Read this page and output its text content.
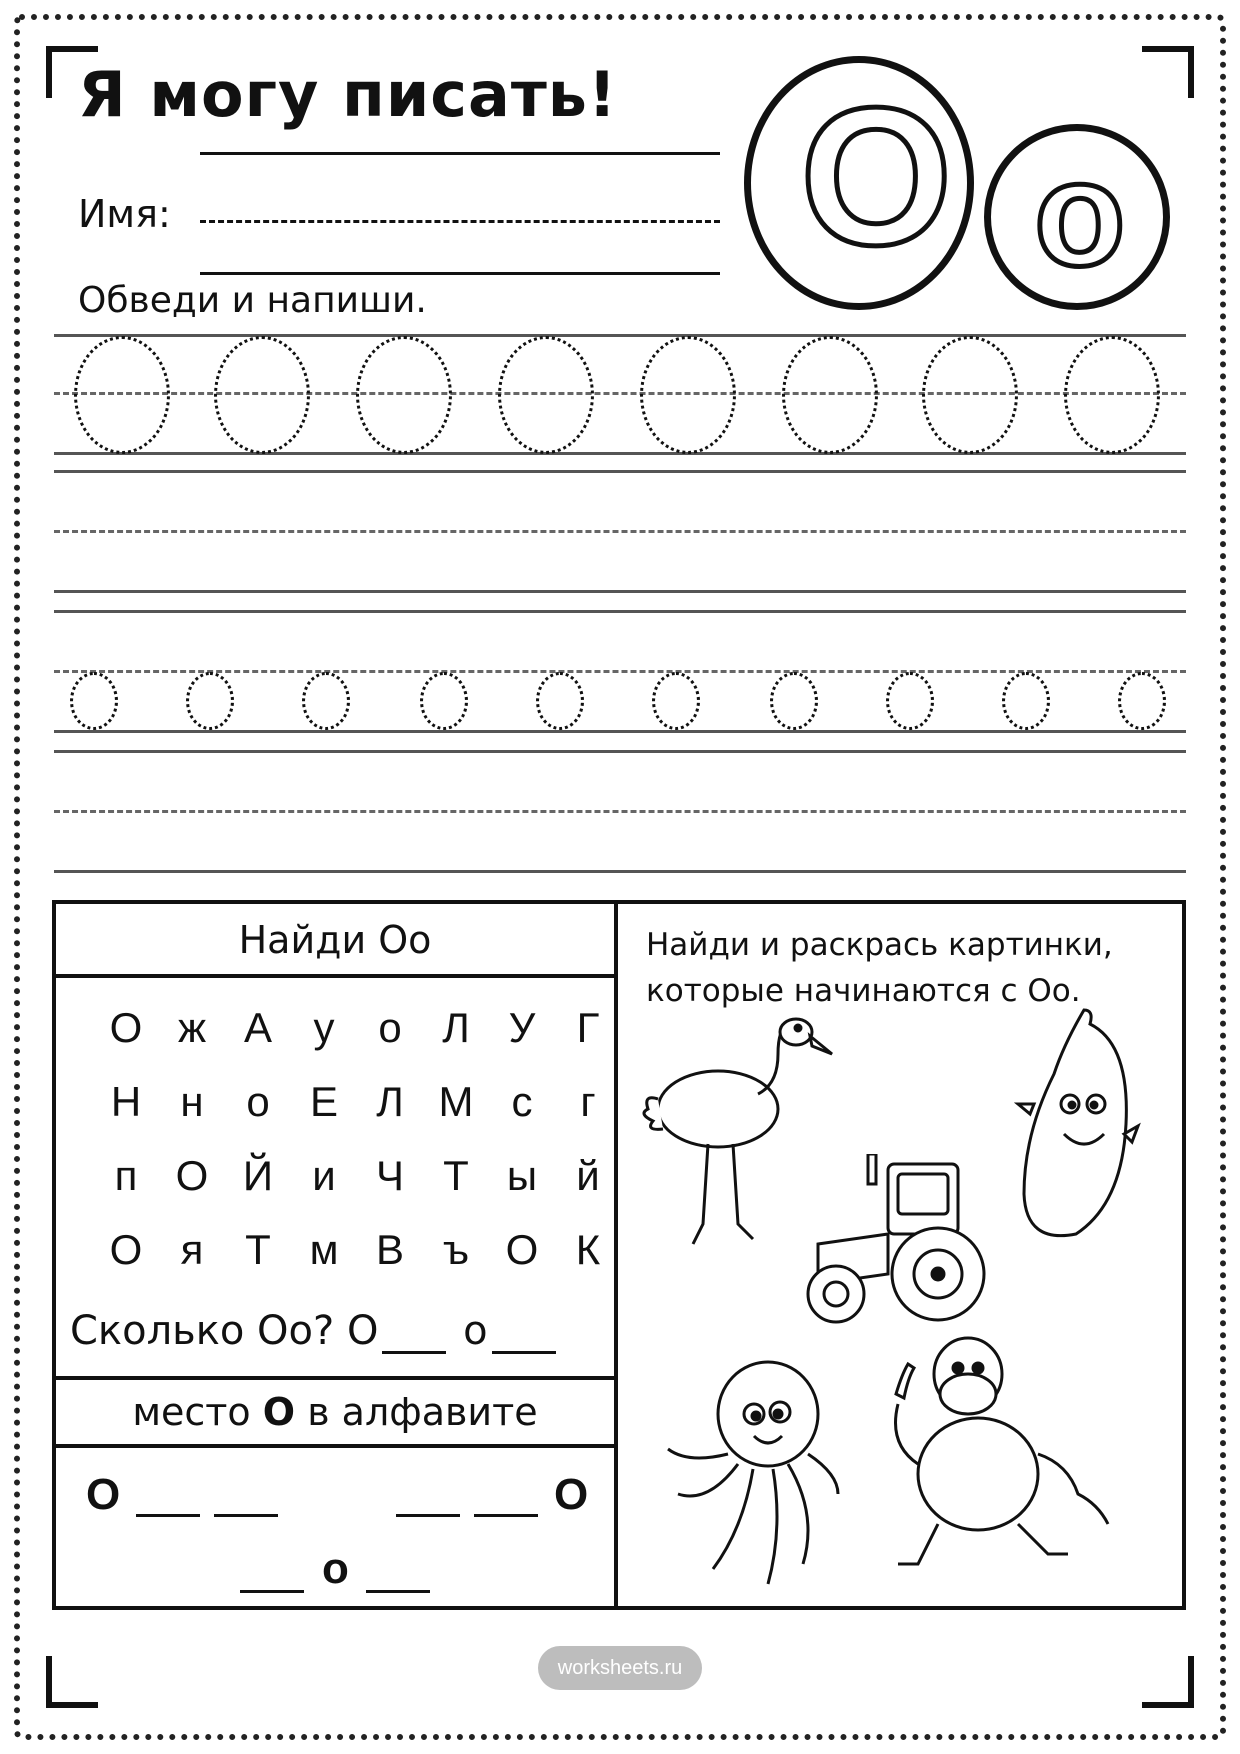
Я могу писать!
Имя:	О о
Обведи и напиши.
Найди Оо
О ж А у	о Л У Г
Н н	о Е Л М с	г
п О Й и Ч Т ы й
О я Т м В ъ О К
Сколько Оо? О о
место О в алфавите
О	О
о
Найди и раскрась картинки,
которые начинаются с Оо.
worksheets.ru
